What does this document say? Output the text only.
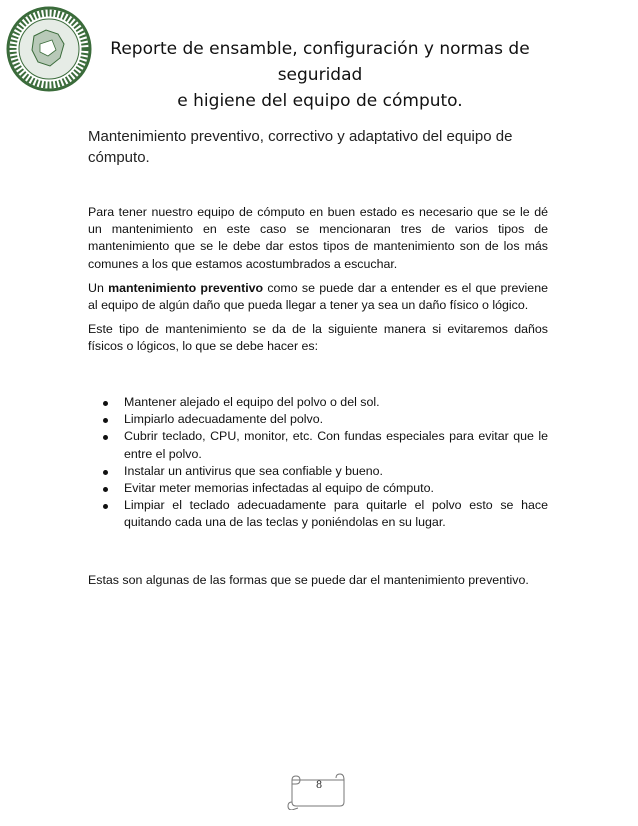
Reporte de ensamble, configuración y normas de seguridad
e higiene del equipo de cómputo.
Mantenimiento preventivo, correctivo y adaptativo del equipo de cómputo.

Para tener nuestro equipo de cómputo en buen estado es necesario que se le dé un mantenimiento en este caso se mencionaran tres de varios tipos de mantenimiento que se le debe dar estos tipos de mantenimiento son de los más comunes a los que estamos acostumbrados a escuchar.

Un mantenimiento preventivo como se puede dar a entender es el que previene al equipo de algún daño que pueda llegar a tener ya sea un daño físico o lógico.

Este tipo de mantenimiento se da de la siguiente manera si evitaremos daños físicos o lógicos, lo que se debe hacer es:

Mantener alejado el equipo del polvo o del sol.
Limpiarlo adecuadamente del polvo.
Cubrir teclado, CPU, monitor, etc. Con fundas especiales para evitar que le entre el polvo.
Instalar un antivirus que sea confiable y bueno.
Evitar meter memorias infectadas al equipo de cómputo.
Limpiar el teclado adecuadamente para quitarle el polvo esto se hace quitando cada una de las teclas y poniéndolas en su lugar.

Estas son algunas de las formas que se puede dar el mantenimiento preventivo.

8
